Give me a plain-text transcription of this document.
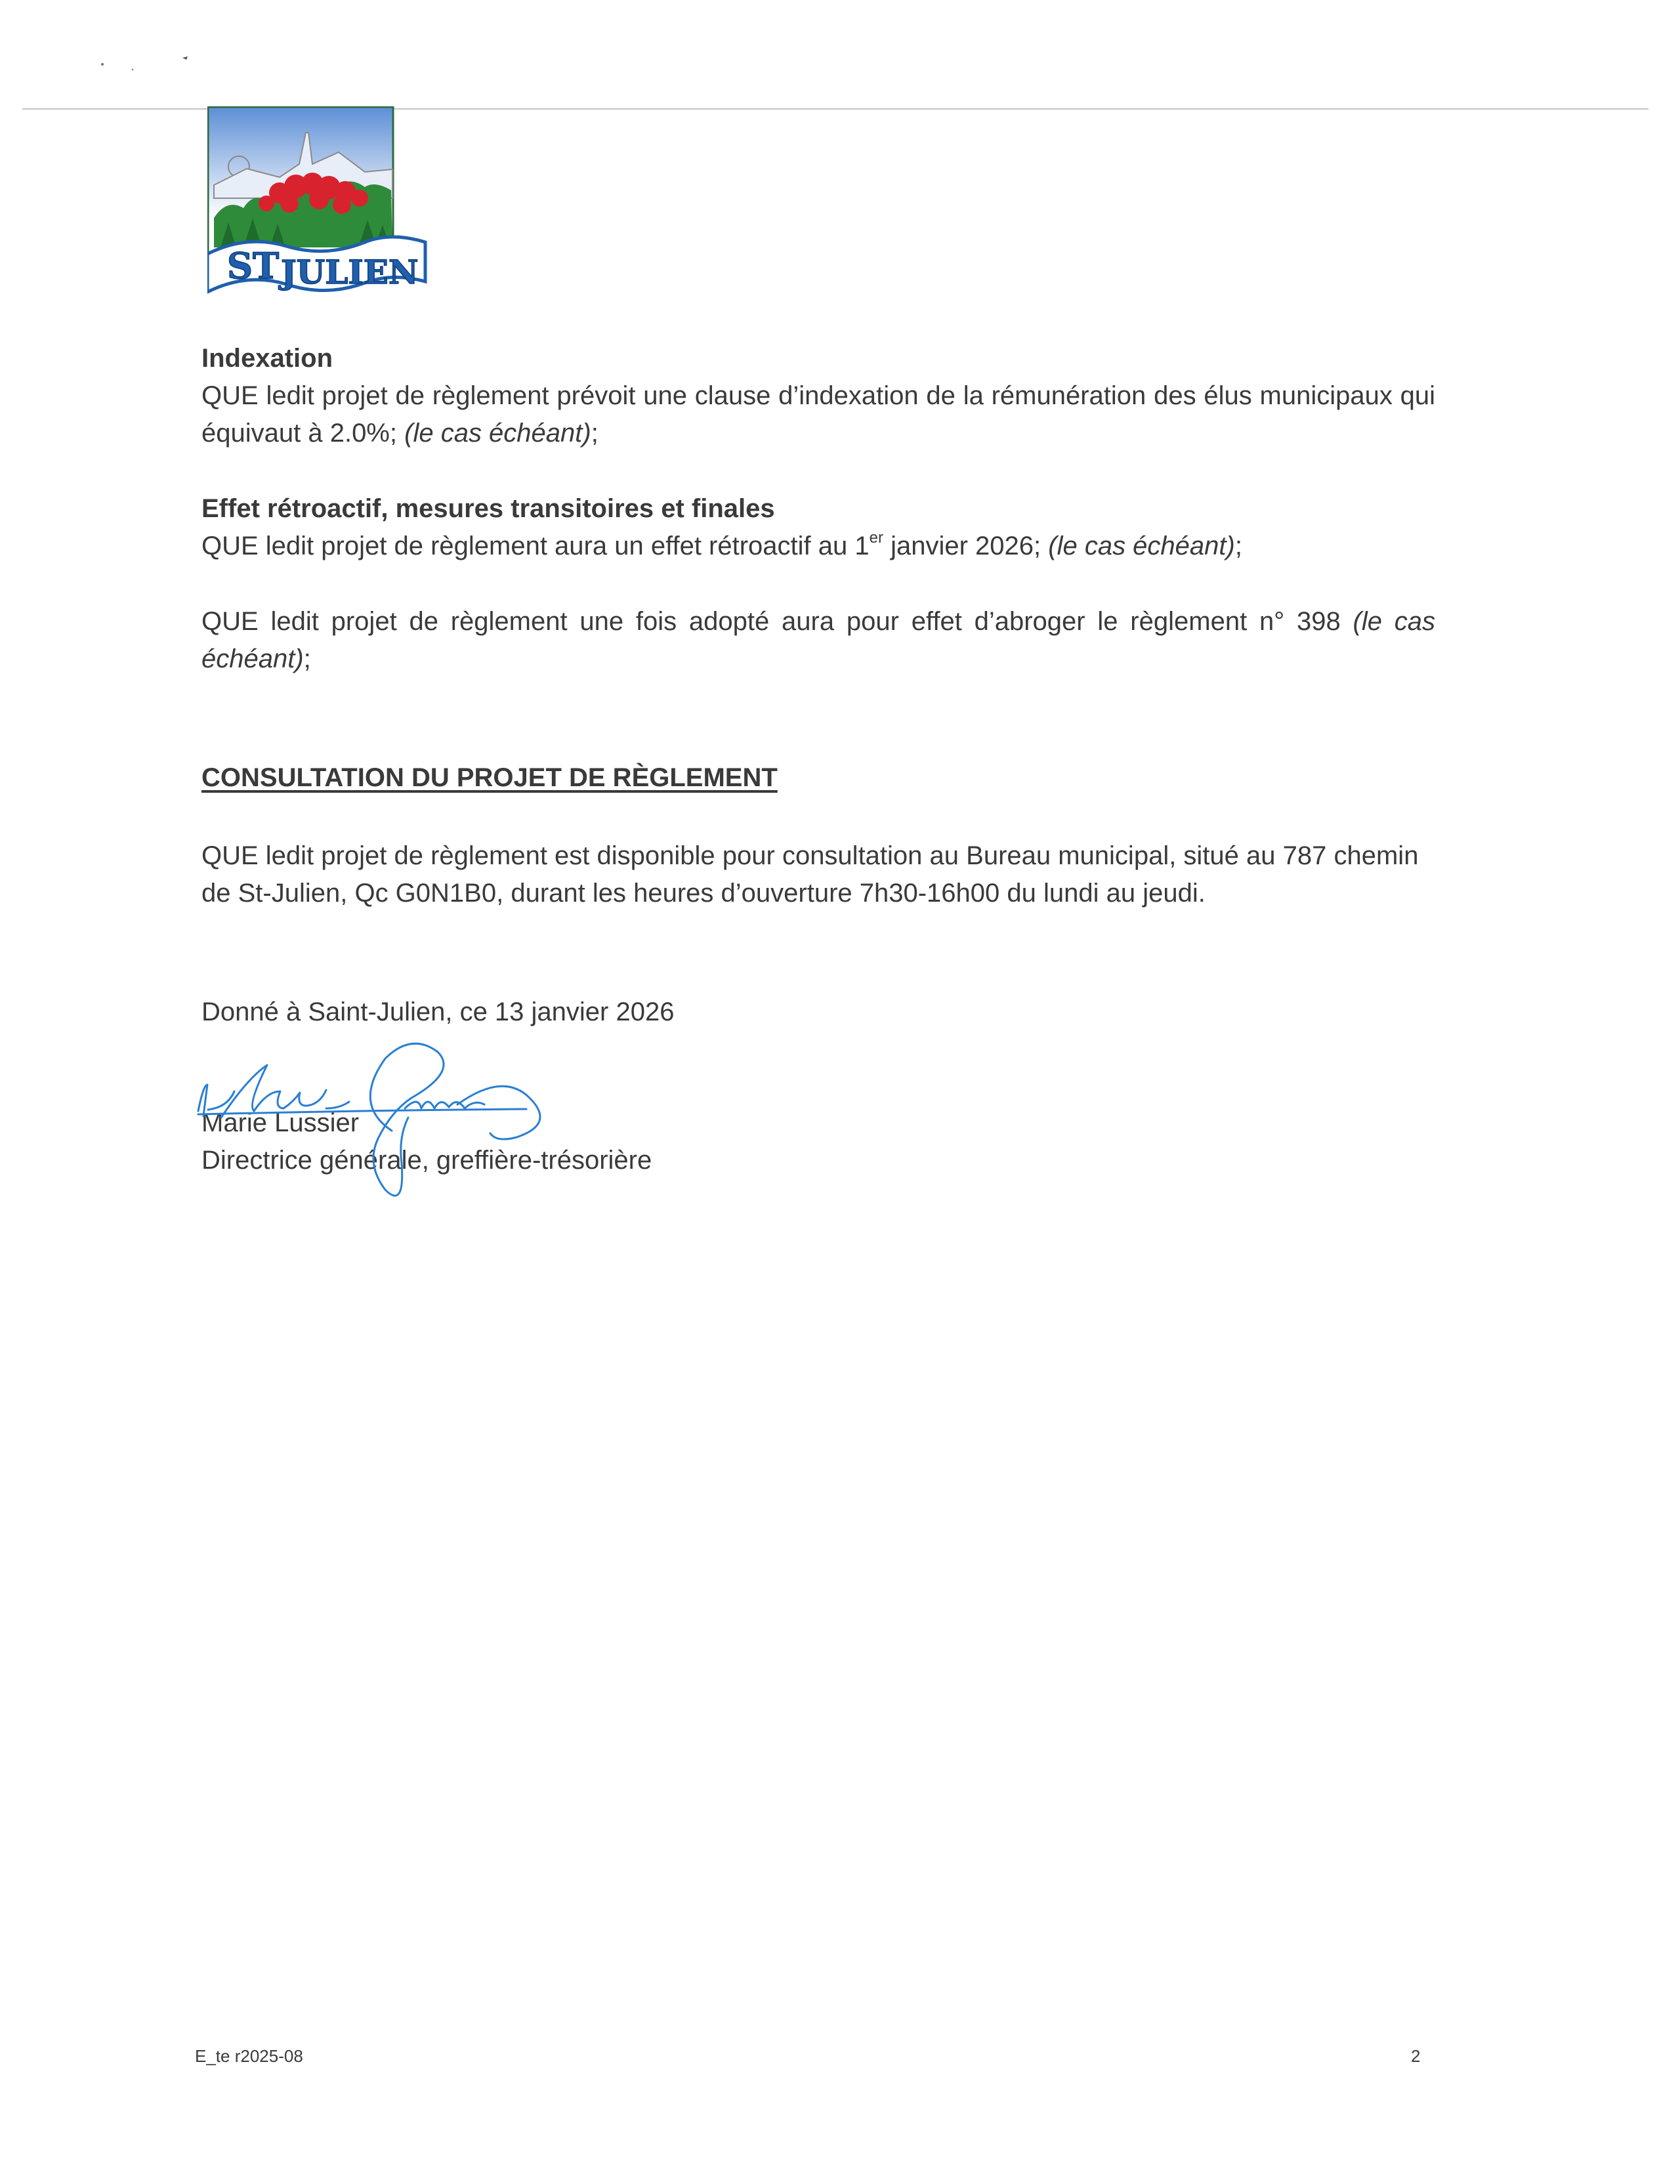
ST JULIEN
Indexation

QUE ledit projet de règlement prévoit une clause d’indexation de la rémunération des élus municipaux qui équivaut à 2.0%; (le cas échéant);

Effet rétroactif, mesures transitoires et finales

QUE ledit projet de règlement aura un effet rétroactif au 1er janvier 2026; (le cas échéant);

QUE ledit projet de règlement une fois adopté aura pour effet d’abroger le règlement n° 398 (le cas échéant);

CONSULTATION DU PROJET DE RÈGLEMENT

QUE ledit projet de règlement est disponible pour consultation au Bureau municipal, situé au 787 chemin de St-Julien, Qc G0N1B0, durant les heures d’ouverture 7h30-16h00 du lundi au jeudi.

Donné à Saint-Julien, ce 13 janvier 2026

Marie Lussier

Directrice générale, greffière-trésorière

E_te r2025-08	2
